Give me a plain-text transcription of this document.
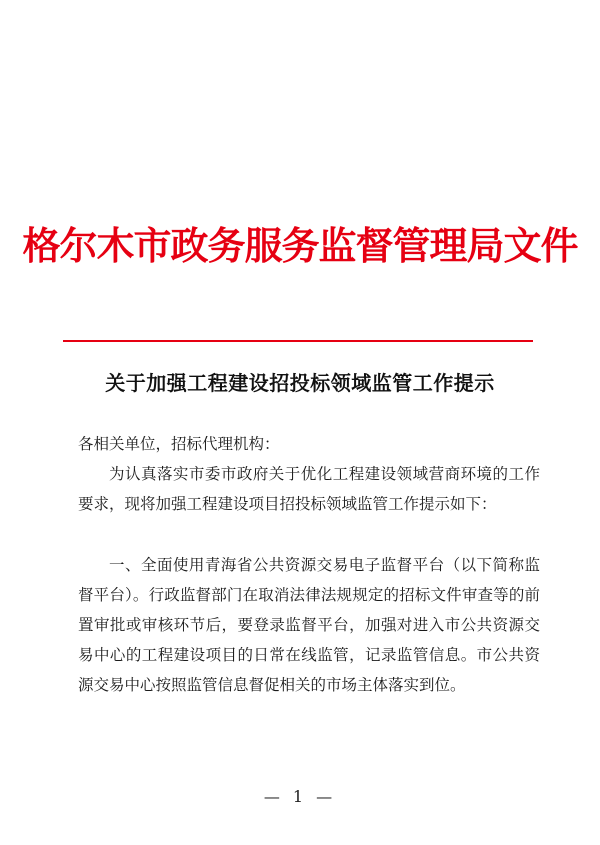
格尔木市政务服务监督管理局文件
关于加强工程建设招投标领域监管工作提示
各相关单位，招标代理机构：
为认真落实市委市政府关于优化工程建设领域营商环境的工作要求，现将加强工程建设项目招投标领域监管工作提示如下：
一、全面使用青海省公共资源交易电子监督平台（以下简称监督平台）。行政监督部门在取消法律法规规定的招标文件审查等的前置审批或审核环节后，要登录监督平台，加强对进入市公共资源交易中心的工程建设项目的日常在线监管，记录监管信息。市公共资源交易中心按照监管信息督促相关的市场主体落实到位。
— 1 —
